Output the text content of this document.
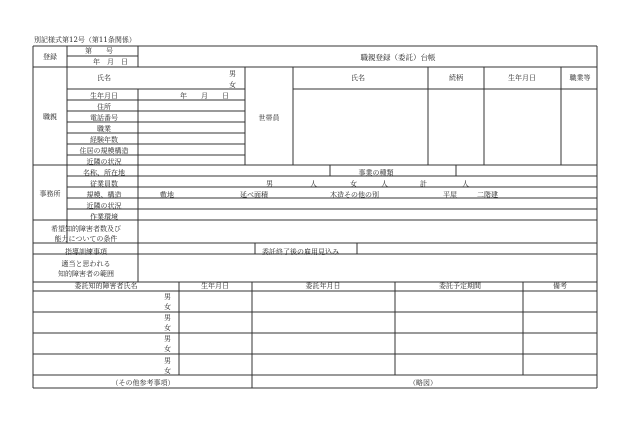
別記様式第12号（第11条関係）
職親登録（委託）台帳
登録
第　　号
年　月　日
職親
氏名	男
女
生年月日	年　　月　　日
住所
電話番号
職業
経験年数
住居の規模構造
近隣の状況
世帯員
氏名	続柄	生年月日	職業等
事務所
名称、所在地	事業の種類
従業員数	男	人	女	人	計	人
規模、構造	敷地	延べ面積	木造その他の別	平屋	二階建
近隣の状況
作業環境
希望知的障害者数及び
能力についての条件
指導訓練事項	委託終了後の雇用見込み
適当と思われる
知的障害者の範囲
委託知的障害者氏名	生年月日	委託年月日	委託予定期間	備考
男
女
男
女
男
女
男
女
（その他参考事項）	（略図）
